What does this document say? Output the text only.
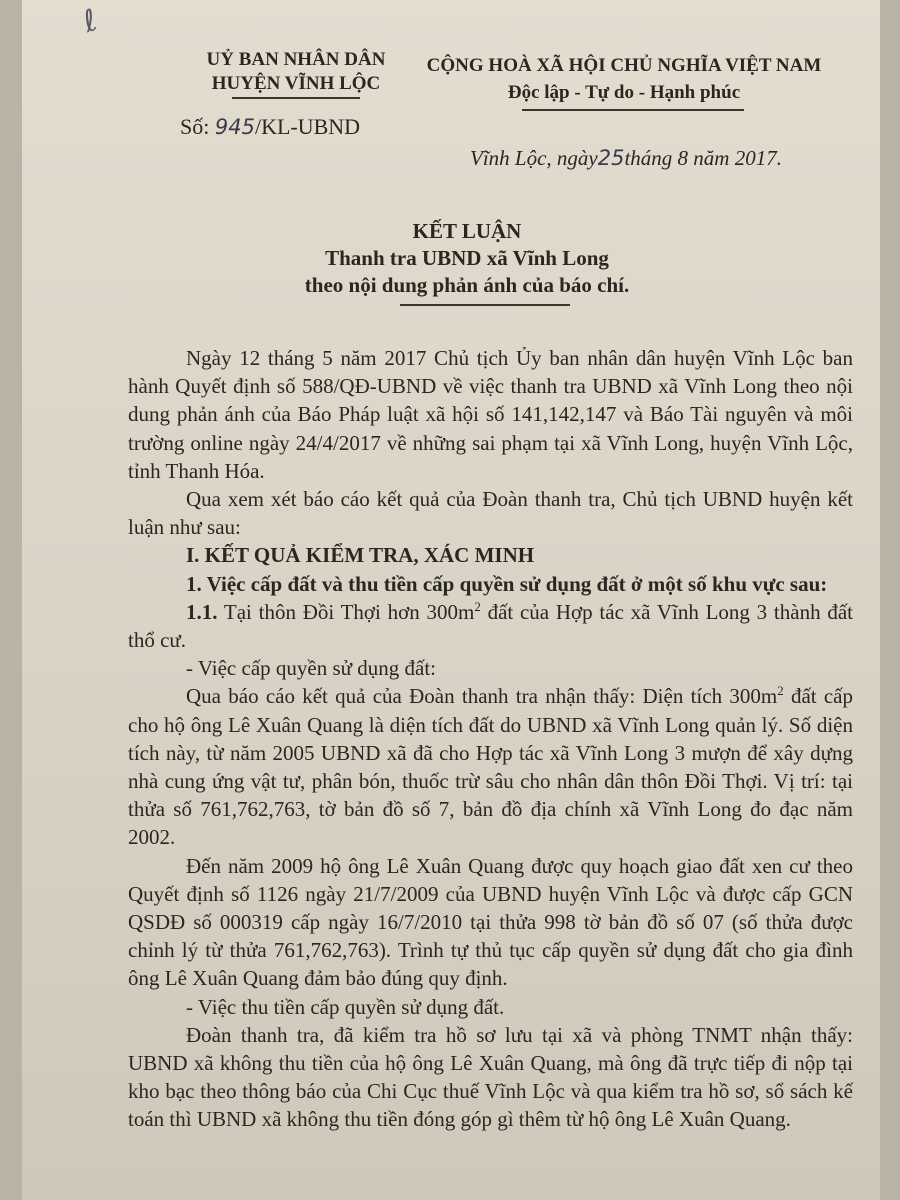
ℓ
UỶ BAN NHÂN DÂN
HUYỆN VĨNH LỘC
CỘNG HOÀ XÃ HỘI CHỦ NGHĨA VIỆT NAM
Độc lập - Tự do - Hạnh phúc
Số: 945/KL-UBND
Vĩnh Lộc, ngày25tháng 8 năm 2017.
KẾT LUẬN
Thanh tra UBND xã Vĩnh Long
theo nội dung phản ánh của báo chí.

Ngày 12 tháng 5 năm 2017 Chủ tịch Ủy ban nhân dân huyện Vĩnh Lộc ban hành Quyết định số 588/QĐ-UBND về việc thanh tra UBND xã Vĩnh Long theo nội dung phản ánh của Báo Pháp luật xã hội số 141,142,147 và Báo Tài nguyên và môi trường online ngày 24/4/2017 về những sai phạm tại xã Vĩnh Long, huyện Vĩnh Lộc, tỉnh Thanh Hóa.

Qua xem xét báo cáo kết quả của Đoàn thanh tra, Chủ tịch UBND huyện kết luận như sau:

I. KẾT QUẢ KIỂM TRA, XÁC MINH

1. Việc cấp đất và thu tiền cấp quyền sử dụng đất ở một số khu vực sau:

1.1. Tại thôn Đồi Thợi hơn $300m^2$ đất của Hợp tác xã Vĩnh Long 3 thành đất thổ cư.

- Việc cấp quyền sử dụng đất:

Qua báo cáo kết quả của Đoàn thanh tra nhận thấy: Diện tích $300m^2$ đất cấp cho hộ ông Lê Xuân Quang là diện tích đất do UBND xã Vĩnh Long quản lý. Số diện tích này, từ năm 2005 UBND xã đã cho Hợp tác xã Vĩnh Long 3 mượn để xây dựng nhà cung ứng vật tư, phân bón, thuốc trừ sâu cho nhân dân thôn Đồi Thợi. Vị trí: tại thửa số 761,762,763, tờ bản đồ số 7, bản đồ địa chính xã Vĩnh Long đo đạc năm 2002.

Đến năm 2009 hộ ông Lê Xuân Quang được quy hoạch giao đất xen cư theo Quyết định số 1126 ngày 21/7/2009 của UBND huyện Vĩnh Lộc và được cấp GCN QSDĐ số 000319 cấp ngày 16/7/2010 tại thửa 998 tờ bản đồ số 07 (số thửa được chỉnh lý từ thửa 761,762,763). Trình tự thủ tục cấp quyền sử dụng đất cho gia đình ông Lê Xuân Quang đảm bảo đúng quy định.

- Việc thu tiền cấp quyền sử dụng đất.

Đoàn thanh tra, đã kiểm tra hồ sơ lưu tại xã và phòng TNMT nhận thấy: UBND xã không thu tiền của hộ ông Lê Xuân Quang, mà ông đã trực tiếp đi nộp tại kho bạc theo thông báo của Chi Cục thuế Vĩnh Lộc và qua kiểm tra hồ sơ, sổ sách kế toán thì UBND xã không thu tiền đóng góp gì thêm từ hộ ông Lê Xuân Quang.
